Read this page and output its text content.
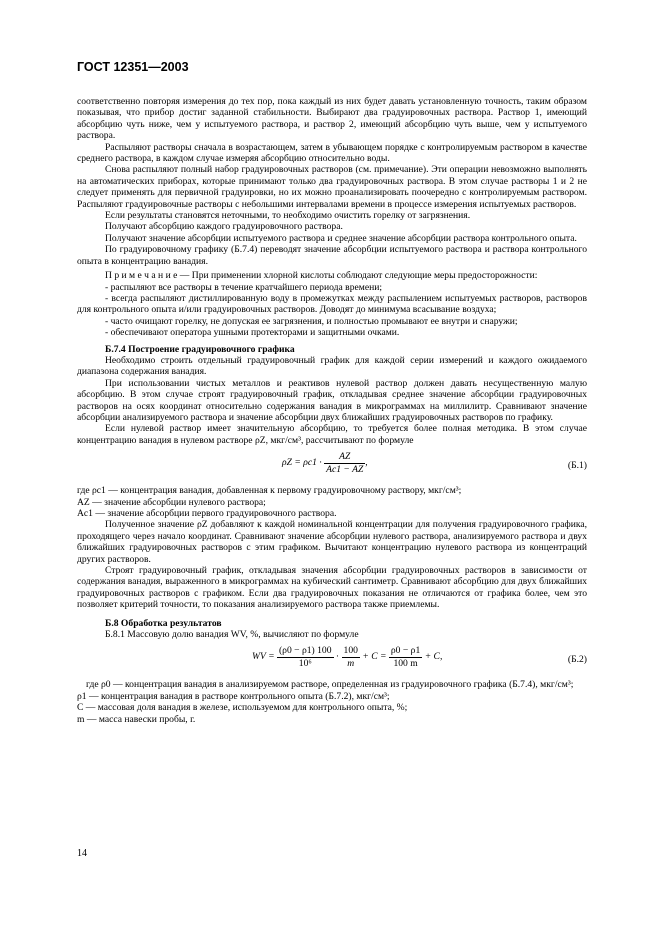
ГОСТ 12351—2003

соответственно повторяя измерения до тех пор, пока каждый из них будет давать установленную точность, таким образом показывая, что прибор достиг заданной стабильности. Выбирают два градуировочных раствора. Раствор 1, имеющий абсорбцию чуть ниже, чем у испытуемого раствора, и раствор 2, имеющий абсорбцию чуть выше, чем у испытуемого раствора.

Распыляют растворы сначала в возрастающем, затем в убывающем порядке с контролируемым раствором в качестве среднего раствора, в каждом случае измеряя абсорбцию относительно воды.

Снова распыляют полный набор градуировочных растворов (см. примечание). Эти операции невозможно выполнять на автоматических приборах, которые принимают только два градуировочных раствора. В этом случае растворы 1 и 2 не следует применять для первичной градуировки, но их можно проанализировать поочередно с контролируемым раствором. Распыляют градуировочные растворы с небольшими интервалами времени в процессе измерения испытуемых растворов.

Если результаты становятся неточными, то необходимо очистить горелку от загрязнения.

Получают абсорбцию каждого градуировочного раствора.

Получают значение абсорбции испытуемого раствора и среднее значение абсорбции раствора контрольного опыта.

По градуировочному графику (Б.7.4) переводят значение абсорбции испытуемого раствора и раствора контрольного опыта в концентрацию ванадия.

П р и м е ч а н и е — При применении хлорной кислоты соблюдают следующие меры предосторожности:

- распыляют все растворы в течение кратчайшего периода времени;

- всегда распыляют дистиллированную воду в промежутках между распылением испытуемых растворов, растворов для контрольного опыта и/или градуировочных растворов. Доводят до минимума всасывание воздуха;

- часто очищают горелку, не допуская ее загрязнения, и полностью промывают ее внутри и снаружи;

- обеспечивают оператора ушными протекторами и защитными очками.

Б.7.4 Построение градуировочного графика

Необходимо строить отдельный градуировочный график для каждой серии измерений и каждого ожидаемого диапазона содержания ванадия.

При использовании чистых металлов и реактивов нулевой раствор должен давать несущественную малую абсорбцию. В этом случае строят градуировочный график, откладывая среднее значение абсорбции градуировочных растворов на осях координат относительно содержания ванадия в микрограммах на миллилитр. Сравнивают значение абсорбции анализируемого раствора и значение абсорбции двух ближайших градуировочных растворов по графику.

Если нулевой раствор имеет значительную абсорбцию, то требуется более полная методика. В этом случае концентрацию ванадия в нулевом растворе ρZ, мкг/см³, рассчитывают по формуле

$\rho Z = \rho c1 \cdot \frac{AZ}{Ac1 - AZ}$ ,	(Б.1)

где ρc1 — концентрация ванадия, добавленная к первому градуировочному раствору, мкг/см³;

AZ — значение абсорбции нулевого раствора;

Ac1 — значение абсорбции первого градуировочного раствора.

Полученное значение ρZ добавляют к каждой номинальной концентрации для получения градуировочного графика, проходящего через начало координат. Сравнивают значение абсорбции нулевого раствора, анализируемого раствора и двух ближайших градуировочных растворов с этим графиком. Вычитают концентрацию нулевого раствора из концентраций других растворов.

Строят градуировочный график, откладывая значения абсорбции градуировочных растворов в зависимости от содержания ванадия, выраженного в микрограммах на кубический сантиметр. Сравнивают абсорбцию для двух ближайших градуировочных растворов с графиком. Если два градуировочных показания не отличаются от графика более, чем это позволяет критерий точности, то показания анализируемого раствора также приемлемы.

Б.8 Обработка результатов

Б.8.1 Массовую долю ванадия WV, %, вычисляют по формуле

WV = $\frac{(\rho 0 - \rho 1) 100}{\text{10⁶}} \cdot \frac{100}{m} + C = \frac{\rho 0 - \rho 1}{100 m} + C$,	(Б.2)

где ρ0 — концентрация ванадия в анализируемом растворе, определенная из градуировочного графика (Б.7.4), мкг/см³;

ρ1 — концентрация ванадия в растворе контрольного опыта (Б.7.2), мкг/см³;

C — массовая доля ванадия в железе, используемом для контрольного опыта, %;

m — масса навески пробы, г.

14
